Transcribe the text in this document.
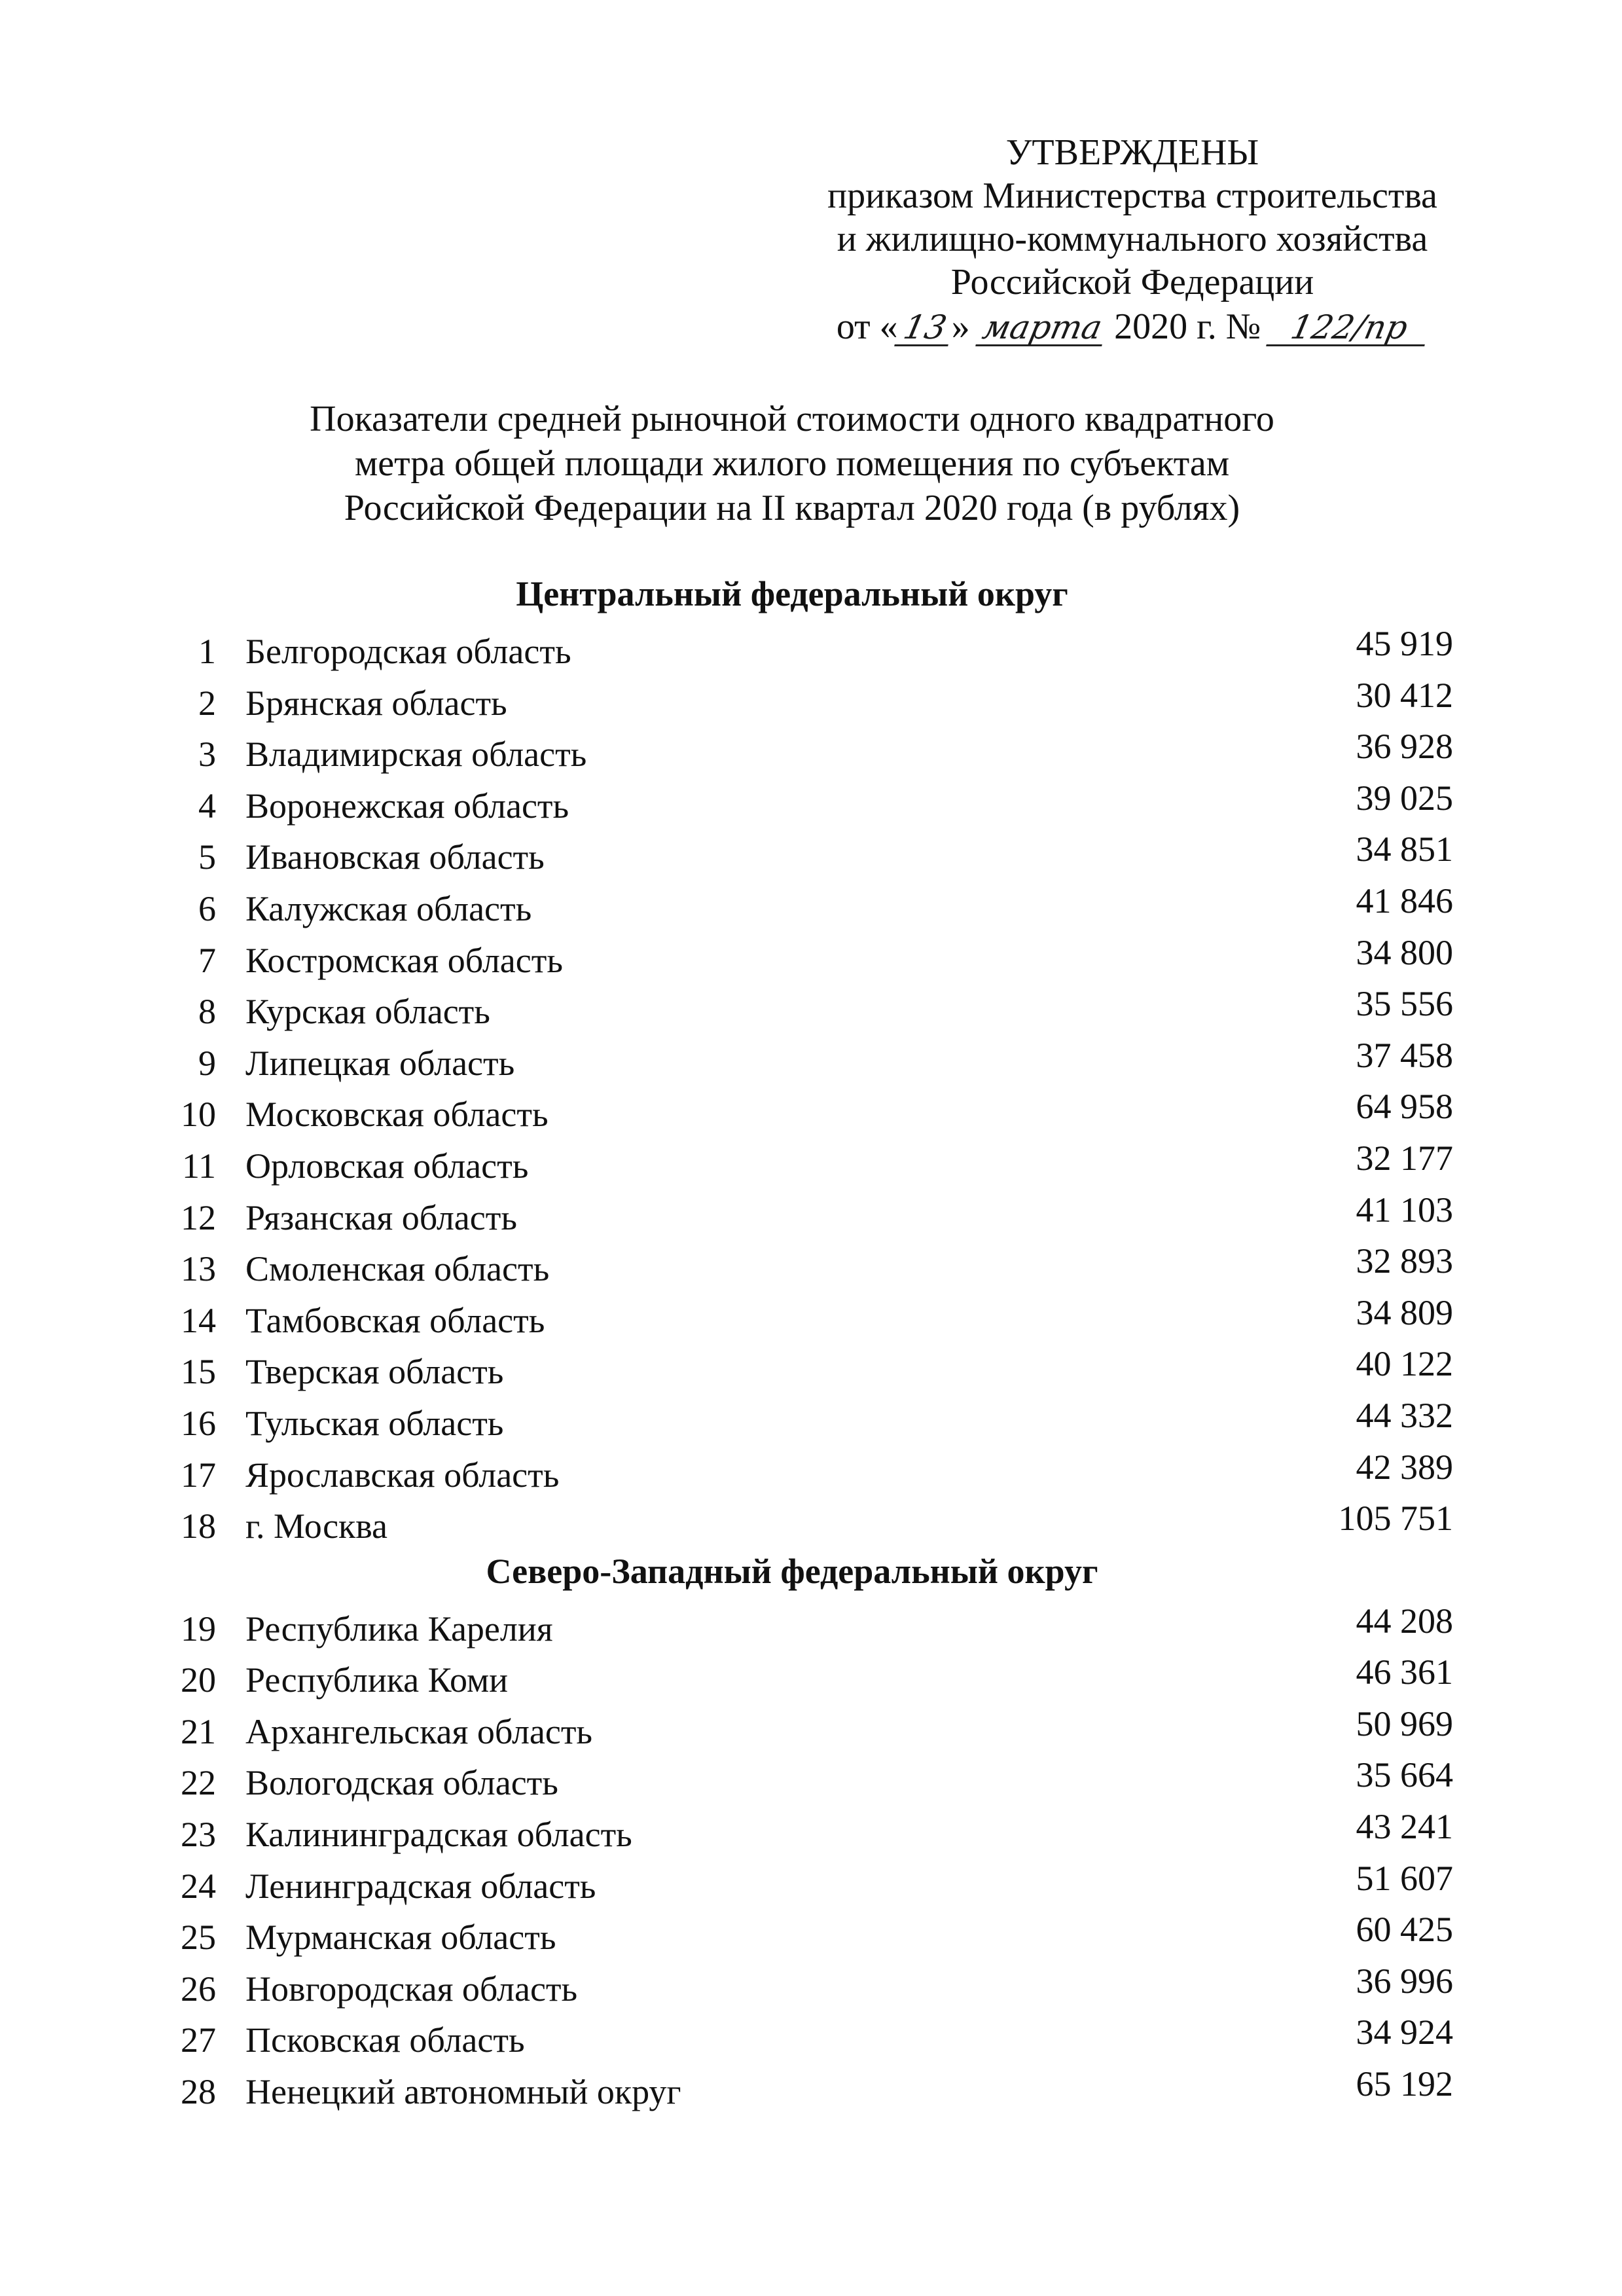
УТВЕРЖДЕНЫ
приказом Министерства строительства
и жилищно-коммунального хозяйства
Российской Федерации
от «13» марта 2020 г. № 122/пр
Показатели средней рыночной стоимости одного квадратного
метра общей площади жилого помещения по субъектам
Российской Федерации на II квартал 2020 года (в рублях)
Центральный федеральный округ
1 Белгородская область	45 919
2 Брянская область	30 412
3 Владимирская область	36 928
4 Воронежская область	39 025
5 Ивановская область	34 851
6 Калужская область	41 846
7 Костромская область	34 800
8 Курская область	35 556
9 Липецкая область	37 458
10 Московская область	64 958
11 Орловская область	32 177
12 Рязанская область	41 103
13 Смоленская область	32 893
14 Тамбовская область	34 809
15 Тверская область	40 122
16 Тульская область	44 332
17 Ярославская область	42 389
18 г. Москва	105 751
Северо-Западный федеральный округ
19 Республика Карелия	44 208
20 Республика Коми	46 361
21 Архангельская область	50 969
22 Вологодская область	35 664
23 Калининградская область	43 241
24 Ленинградская область	51 607
25 Мурманская область	60 425
26 Новгородская область	36 996
27 Псковская область	34 924
28 Ненецкий автономный округ	65 192
